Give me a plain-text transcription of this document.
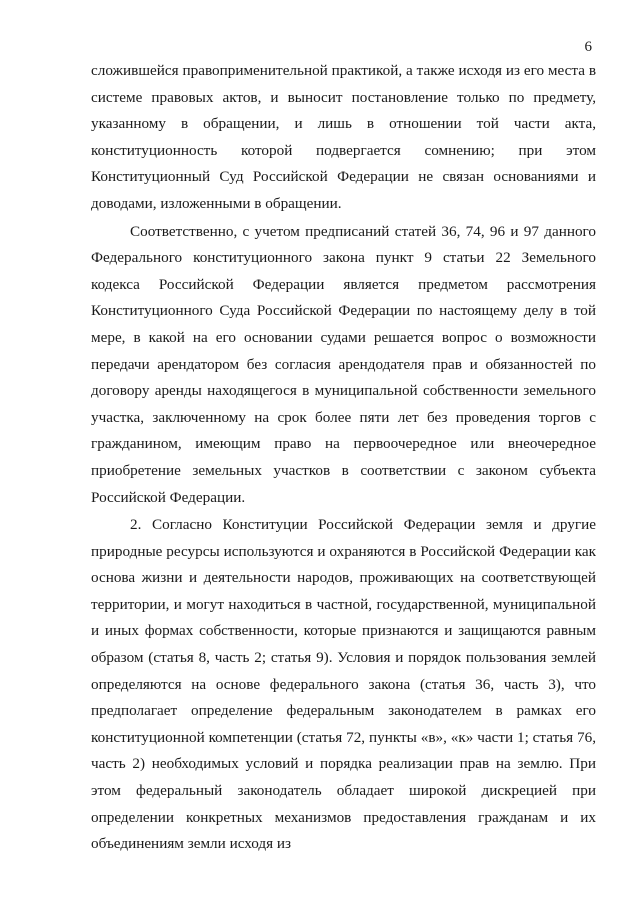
6

сложившейся правоприменительной практикой, а также исходя из его места в системе правовых актов, и выносит постановление только по предмету, указанному в обращении, и лишь в отношении той части акта, конституционность которой подвергается сомнению; при этом Конституционный Суд Российской Федерации не связан основаниями и доводами, изложенными в обращении.

Соответственно, с учетом предписаний статей 36, 74, 96 и 97 данного Федерального конституционного закона пункт 9 статьи 22 Земельного кодекса Российской Федерации является предметом рассмотрения Конституционного Суда Российской Федерации по настоящему делу в той мере, в какой на его основании судами решается вопрос о возможности передачи арендатором без согласия арендодателя прав и обязанностей по договору аренды находящегося в муниципальной собственности земельного участка, заключенному на срок более пяти лет без проведения торгов с гражданином, имеющим право на первоочередное или внеочередное приобретение земельных участков в соответствии с законом субъекта Российской Федерации.

2. Согласно Конституции Российской Федерации земля и другие природные ресурсы используются и охраняются в Российской Федерации как основа жизни и деятельности народов, проживающих на соответствующей территории, и могут находиться в частной, государственной, муниципальной и иных формах собственности, которые признаются и защищаются равным образом (статья 8, часть 2; статья 9). Условия и порядок пользования землей определяются на основе федерального закона (статья 36, часть 3), что предполагает определение федеральным законодателем в рамках его конституционной компетенции (статья 72, пункты «в», «к» части 1; статья 76, часть 2) необходимых условий и порядка реализации прав на землю. При этом федеральный законодатель обладает широкой дискрецией при определении конкретных механизмов предоставления гражданам и их объединениям земли исходя из
